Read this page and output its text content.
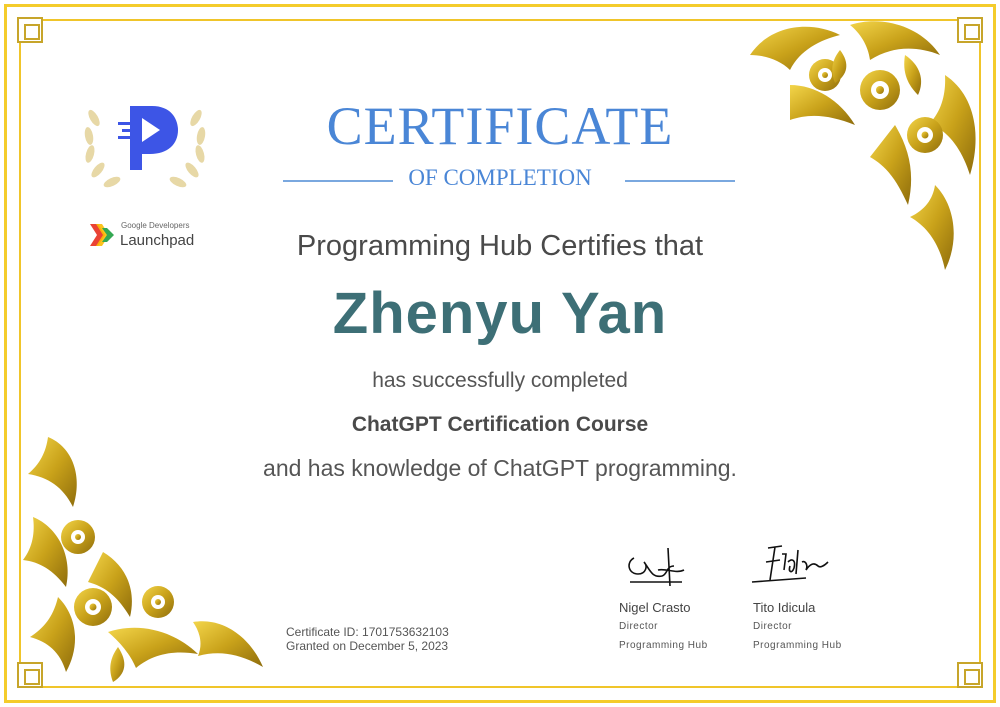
Google Developers
Launchpad
CERTIFICATE
OF COMPLETION
Programming Hub Certifies that
Zhenyu Yan
has successfully completed
ChatGPT Certification Course
and has knowledge of ChatGPT programming.
Certificate ID: 1701753632103
Granted on December 5, 2023
Nigel Crasto
Director
Programming Hub
Tito Idicula
Director
Programming Hub
